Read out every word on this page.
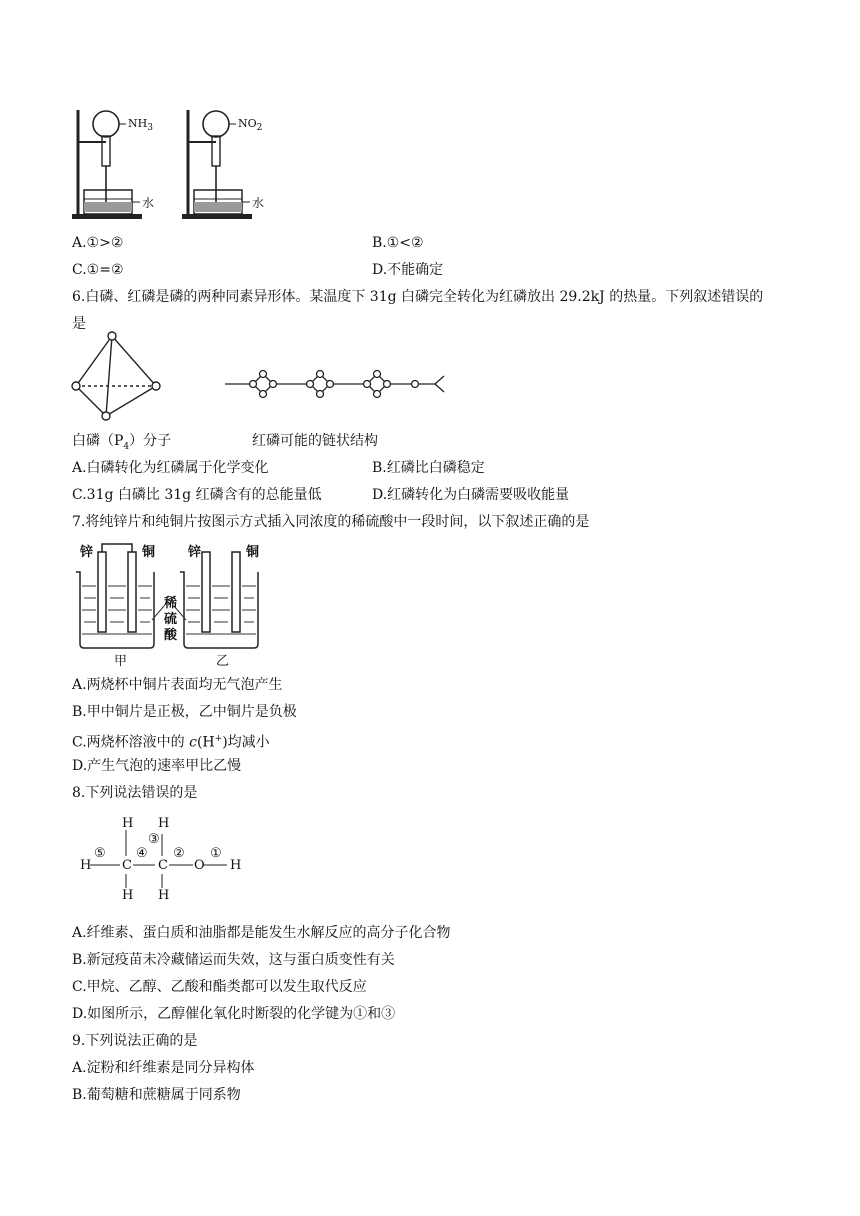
$NH_3$	$NO_2$
水	水
A.①>②	B.①<②
C.①=②	D.不能确定
6.白磷、红磷是磷的两种同素异形体。某温度下 31g 白磷完全转化为红磷放出 29.2kJ 的热量。下列叙述错误的
是
白磷$(P_4)$分子	红磷可能的链状结构
A.白磷转化为红磷属于化学变化	B.红磷比白磷稳定
C.31g 白磷比 31g 红磷含有的总能量低	D.红磷转化为白磷需要吸收能量
7.将纯锌片和纯铜片按图示方式插入同浓度的稀硫酸中一段时间，以下叙述正确的是
锌	铜	锌	铜
稀
硫
酸
甲	乙
A.两烧杯中铜片表面均无气泡产生
B.甲中铜片是正极，乙中铜片是负极
C.两烧杯溶液中的 c(H+)均减小
D.产生气泡的速率甲比乙慢
8.下列说法错误的是
H H
H C C O H
H H
⑤ ④
③
② ①
A.纤维素、蛋白质和油脂都是能发生水解反应的高分子化合物
B.新冠疫苗未冷藏储运而失效，这与蛋白质变性有关
C.甲烷、乙醇、乙酸和酯类都可以发生取代反应
D.如图所示，乙醇催化氧化时断裂的化学键为①和③
9.下列说法正确的是
A.淀粉和纤维素是同分异构体
B.葡萄糖和蔗糖属于同系物
